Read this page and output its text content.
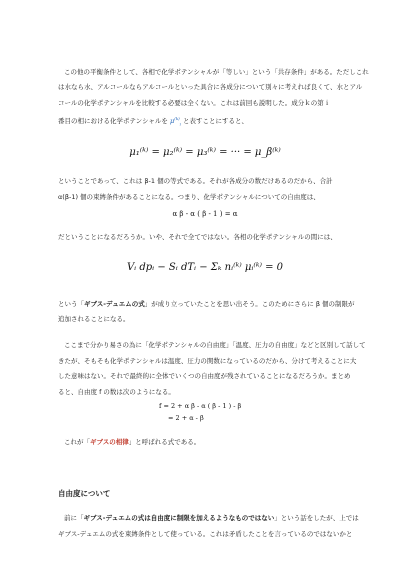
この他の平衡条件として、各相で化学ポテンシャルが「等しい」という「共存条件」がある。ただしこれ
は水なら水、アルコールならアルコールといった具合に各成分について別々に考えれば良くて、水とアル
コールの化学ポテンシャルを比較する必要は全くない。これは前回も説明した。成分ｋの第ｉ
番目の相における化学ポテンシャルを $\mu^{(k)}_i$ と表すことにすると、
μ₁⁽ᵏ⁾ = μ₂⁽ᵏ⁾ = μ₃⁽ᵏ⁾ = ··· = μ_β⁽ᵏ⁾
ということであって、これは β-1 個の等式である。それが各成分の数だけあるのだから、合計
α(β-1) 個の束縛条件があることになる。つまり、化学ポテンシャルについての自由度は、
α β - α ( β - 1 ) = α
だということになるだろうか。いや、それで全てではない。各相の化学ポテンシャルの間には、
Vᵢ dpᵢ − Sᵢ dTᵢ − Σₖ nᵢ⁽ᵏ⁾ μᵢ⁽ᵏ⁾ = 0
という「ギブス-デュエムの式」が成り立っていたことを思い出そう。このためにさらに β 個の制限が
追加されることになる。
ここまで分かり易さの為に「化学ポテンシャルの自由度」「温度、圧力の自由度」などと区別して話して
きたが、そもそも化学ポテンシャルは温度、圧力の関数になっているのだから、分けて考えることに大
した意味はない。それで最終的に全体でいくつの自由度が残されていることになるだろうか。まとめ
ると、自由度 f の数は次のようになる。
f = 2 + α β - α ( β - 1 ) - β
= 2 + α - β
これが「ギブスの相律」と呼ばれる式である。
自由度について
前に「ギブス-デュエムの式は自由度に制限を加えるようなものではない」という話をしたが、上では
ギブス-デュエムの式を束縛条件として使っている。これは矛盾したことを言っているのではないかと
